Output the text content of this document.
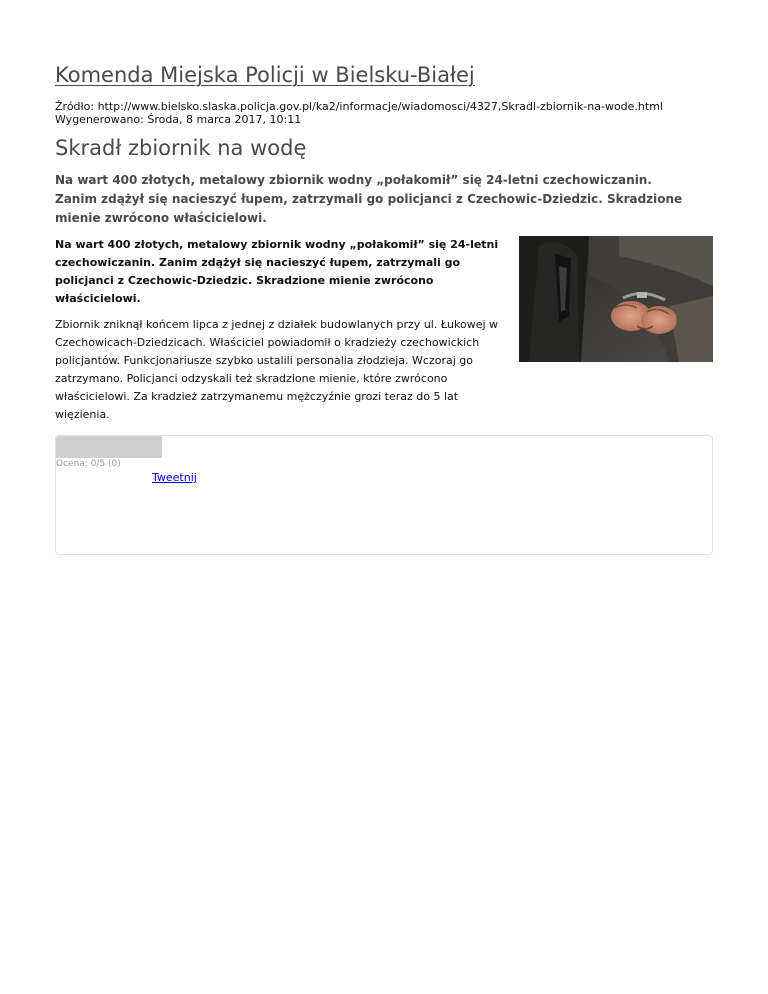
Komenda Miejska Policji w Bielsku-Białej
Źródło: http://www.bielsko.slaska.policja.gov.pl/ka2/informacje/wiadomosci/4327,Skradl-zbiornik-na-wode.html
Wygenerowano: Środa, 8 marca 2017, 10:11
Skradł zbiornik na wodę
Na wart 400 złotych, metalowy zbiornik wodny „połakomił” się 24-letni czechowiczanin. Zanim zdążył się nacieszyć łupem, zatrzymali go policjanci z Czechowic-Dziedzic. Skradzione mienie zwrócono właścicielowi.

Na wart 400 złotych, metalowy zbiornik wodny „połakomił” się 24-letni czechowiczanin. Zanim zdążył się nacieszyć łupem, zatrzymali go policjanci z Czechowic-Dziedzic. Skradzione mienie zwrócono właścicielowi.

Zbiornik zniknął końcem lipca z jednej z działek budowlanych przy ul. Łukowej w Czechowicach-Dziedzicach. Właściciel powiadomił o kradzieży czechowickich policjantów. Funkcjonariusze szybko ustalili personalia złodzieja. Wczoraj go zatrzymano. Policjanci odzyskali też skradzione mienie, które zwrócono właścicielowi. Za kradzież zatrzymanemu mężczyźnie grozi teraz do 5 lat więzienia.
Ocena: 0/5 (0)
Tweetnij
